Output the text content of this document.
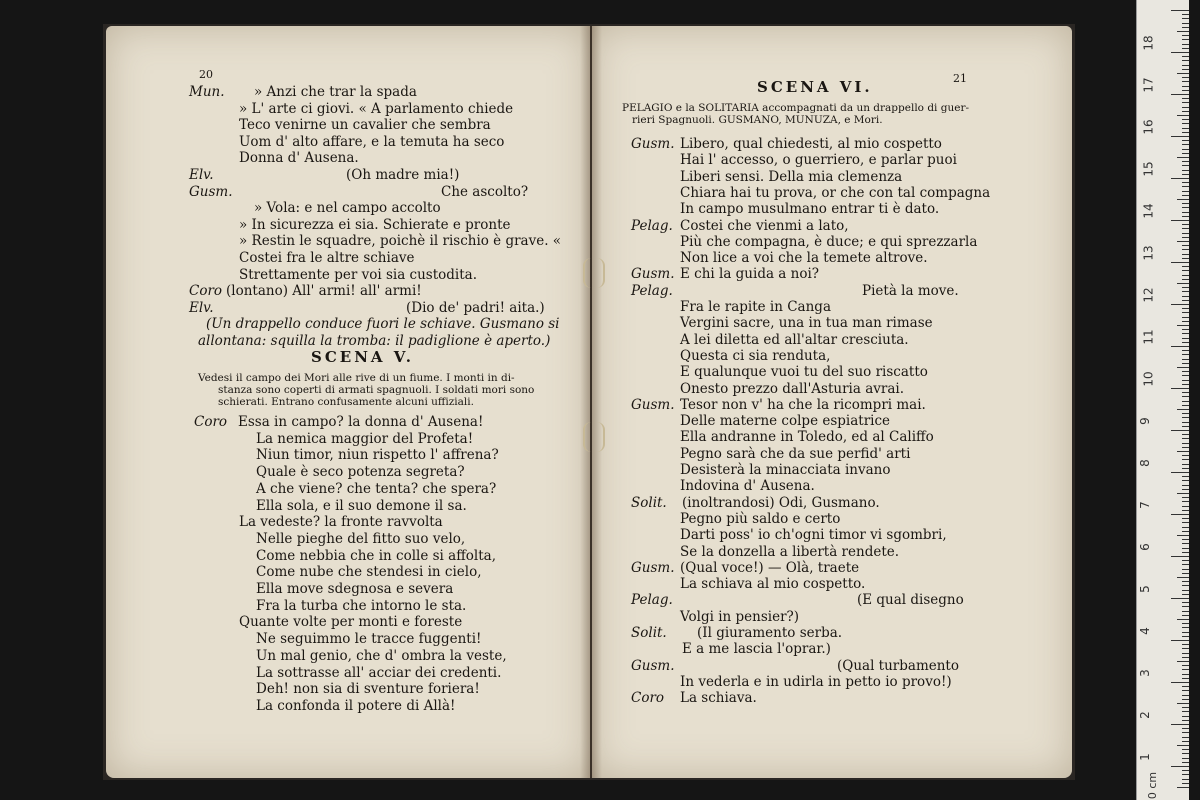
20
Mun. » Anzi che trar la spada
» L' arte ci giovi. « A parlamento chiede
Teco venirne un cavalier che sembra
Uom d' alto affare, e la temuta ha seco
Donna d' Ausena.
Elv.	(Oh madre mia!)
Gusm.	Che ascolto?
» Vola: e nel campo accolto
» In sicurezza ei sia. Schierate e pronte
» Restin le squadre, poichè il rischio è grave. «
Costei fra le altre schiave
Strettamente per voi sia custodita.
Coro (lontano) All' armi! all' armi!
Elv.	(Dio de' padri! aita.)
(Un drappello conduce fuori le schiave. Gusmano si
allontana: squilla la tromba: il padiglione è aperto.)
SCENA V.
Vedesi il campo dei Mori alle rive di un fiume. I monti in di-
stanza sono coperti di armati spagnuoli. I soldati mori sono
schierati. Entrano confusamente alcuni uffiziali.
Coro Essa in campo? la donna d' Ausena!
La nemica maggior del Profeta!
Niun timor, niun rispetto l' affrena?
Quale è seco potenza segreta?
A che viene? che tenta? che spera?
Ella sola, e il suo demone il sa.
La vedeste? la fronte ravvolta
Nelle pieghe del fitto suo velo,
Come nebbia che in colle si affolta,
Come nube che stendesi in cielo,
Ella move sdegnosa e severa
Fra la turba che intorno le sta.
Quante volte per monti e foreste
Ne seguimmo le tracce fuggenti!
Un mal genio, che d' ombra la veste,
La sottrasse all' acciar dei credenti.
Deh! non sia di sventure foriera!
La confonda il potere di Allà!
21
SCENA VI.
PELAGIO e la SOLITARIA accompagnati da un drappello di guer-
rieri Spagnuoli. GUSMANO, MUNUZA, e Mori.
Gusm. Libero, qual chiedesti, al mio cospetto
Hai l' accesso, o guerriero, e parlar puoi
Liberi sensi. Della mia clemenza
Chiara hai tu prova, or che con tal compagna
In campo musulmano entrar ti è dato.
Pelag. Costei che vienmi a lato,
Più che compagna, è duce; e qui sprezzarla
Non lice a voi che la temete altrove.
Gusm. E chi la guida a noi?
Pelag.	Pietà la move.
Fra le rapite in Canga
Vergini sacre, una in tua man rimase
A lei diletta ed all'altar cresciuta.
Questa ci sia renduta,
E qualunque vuoi tu del suo riscatto
Onesto prezzo dall'Asturia avrai.
Gusm. Tesor non v' ha che la ricompri mai.
Delle materne colpe espiatrice
Ella andranne in Toledo, ed al Califfo
Pegno sarà che da sue perfid' arti
Desisterà la minacciata invano
Indovina d' Ausena.
Solit. (inoltrandosi) Odi, Gusmano.
Pegno più saldo e certo
Darti poss' io ch'ogni timor vi sgombri,
Se la donzella a libertà rendete.
Gusm. (Qual voce!) — Olà, traete
La schiava al mio cospetto.
Pelag.	(E qual disegno
Volgi in pensier?)
Solit. (Il giuramento serba.
E a me lascia l'oprar.)
Gusm.	(Qual turbamento
In vederla e in udirla in petto io provo!)
Coro La schiava.
0 cm
18
17
16
15
14
13
12
11
10
9
8
7
6
5
4
3
2
1
